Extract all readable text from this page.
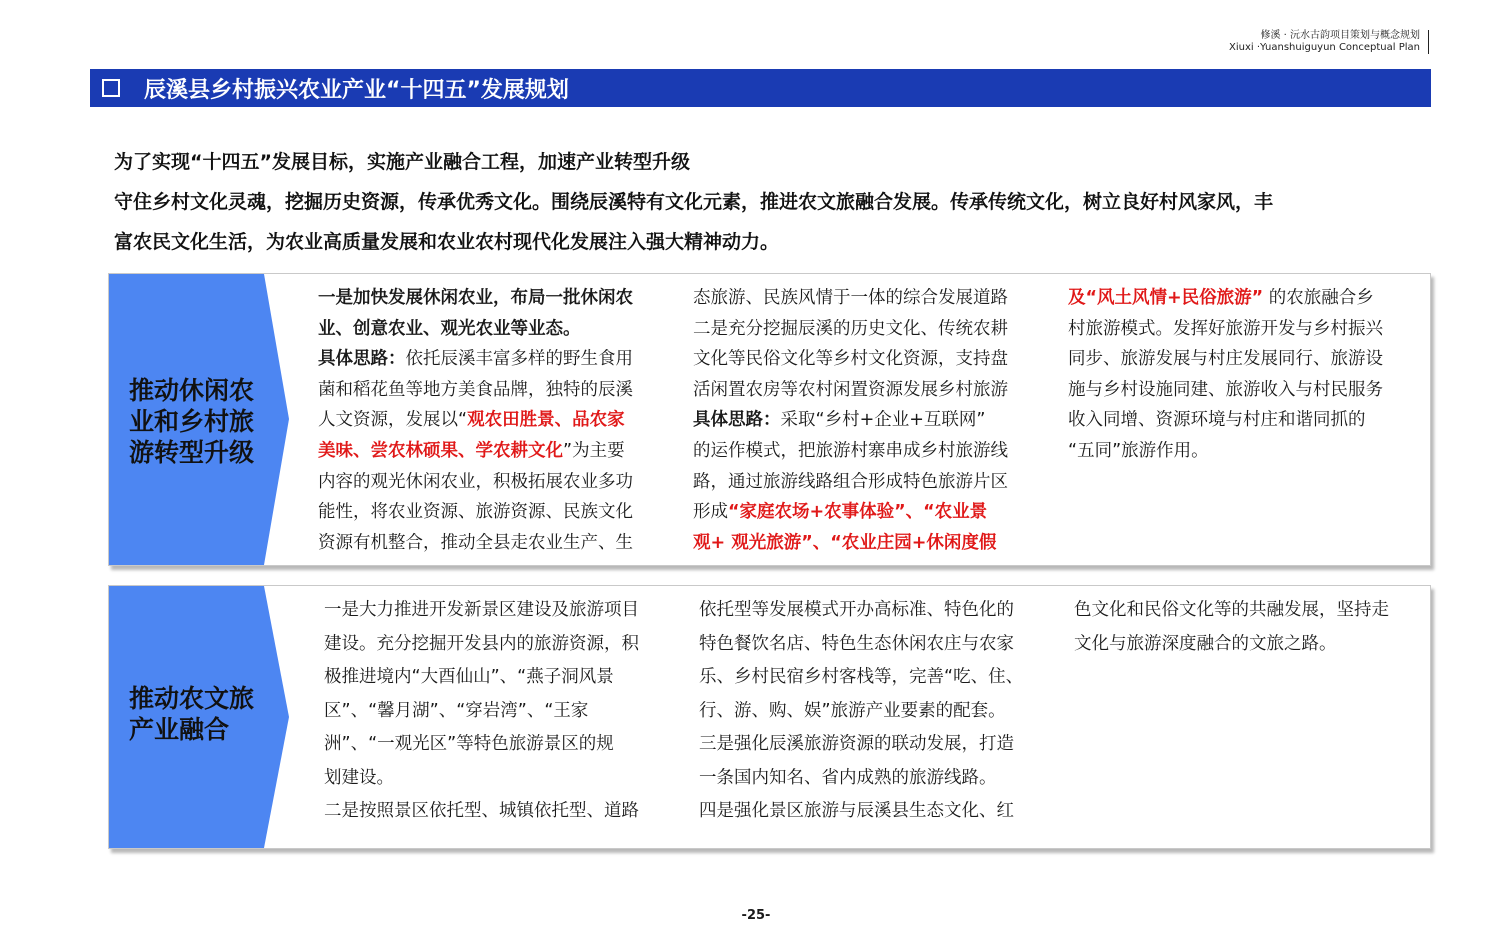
修溪 · 沅水古韵项目策划与概念规划
Xiuxi ·Yuanshuiguyun Conceptual Plan
辰溪县乡村振兴农业产业“十四五”发展规划

为了实现“十四五”发展目标，实施产业融合工程，加速产业转型升级

守住乡村文化灵魂，挖掘历史资源，传承优秀文化。围绕辰溪特有文化元素，推进农文旅融合发展。传承传统文化，树立良好村风家风，丰

富农民文化生活，为农业高质量发展和农业农村现代化发展注入强大精神动力。

推动休闲农
业和乡村旅
游转型升级
一是加快发展休闲农业，布局一批休闲农
业、创意农业、观光农业等业态。
具体思路：依托辰溪丰富多样的野生食用
菌和稻花鱼等地方美食品牌，独特的辰溪
人文资源，发展以“观农田胜景、品农家
美味、尝农林硕果、学农耕文化”为主要
内容的观光休闲农业，积极拓展农业多功
能性，将农业资源、旅游资源、民族文化
资源有机整合，推动全县走农业生产、生
态旅游、民族风情于一体的综合发展道路
二是充分挖掘辰溪的历史文化、传统农耕
文化等民俗文化等乡村文化资源，支持盘
活闲置农房等农村闲置资源发展乡村旅游
具体思路：采取“乡村+企业+互联网”
的运作模式，把旅游村寨串成乡村旅游线
路，通过旅游线路组合形成特色旅游片区
形成“家庭农场+农事体验”、“农业景
观+ 观光旅游”、“农业庄园+休闲度假
及“风土风情+民俗旅游” 的农旅融合乡
村旅游模式。发挥好旅游开发与乡村振兴
同步、旅游发展与村庄发展同行、旅游设
施与乡村设施同建、旅游收入与村民服务
收入同增、资源环境与村庄和谐同抓的
“五同”旅游作用。
推动农文旅
产业融合
一是大力推进开发新景区建设及旅游项目
建设。充分挖掘开发县内的旅游资源，积
极推进境内“大酉仙山”、“燕子洞风景
区”、“馨月湖”、“穿岩湾”、“王家
洲”、“一观光区”等特色旅游景区的规
划建设。
二是按照景区依托型、城镇依托型、道路
依托型等发展模式开办高标准、特色化的
特色餐饮名店、特色生态休闲农庄与农家
乐、乡村民宿乡村客栈等，完善“吃、住、
行、游、购、娱”旅游产业要素的配套。
三是强化辰溪旅游资源的联动发展，打造
一条国内知名、省内成熟的旅游线路。
四是强化景区旅游与辰溪县生态文化、红
色文化和民俗文化等的共融发展，坚持走
文化与旅游深度融合的文旅之路。
-25-
